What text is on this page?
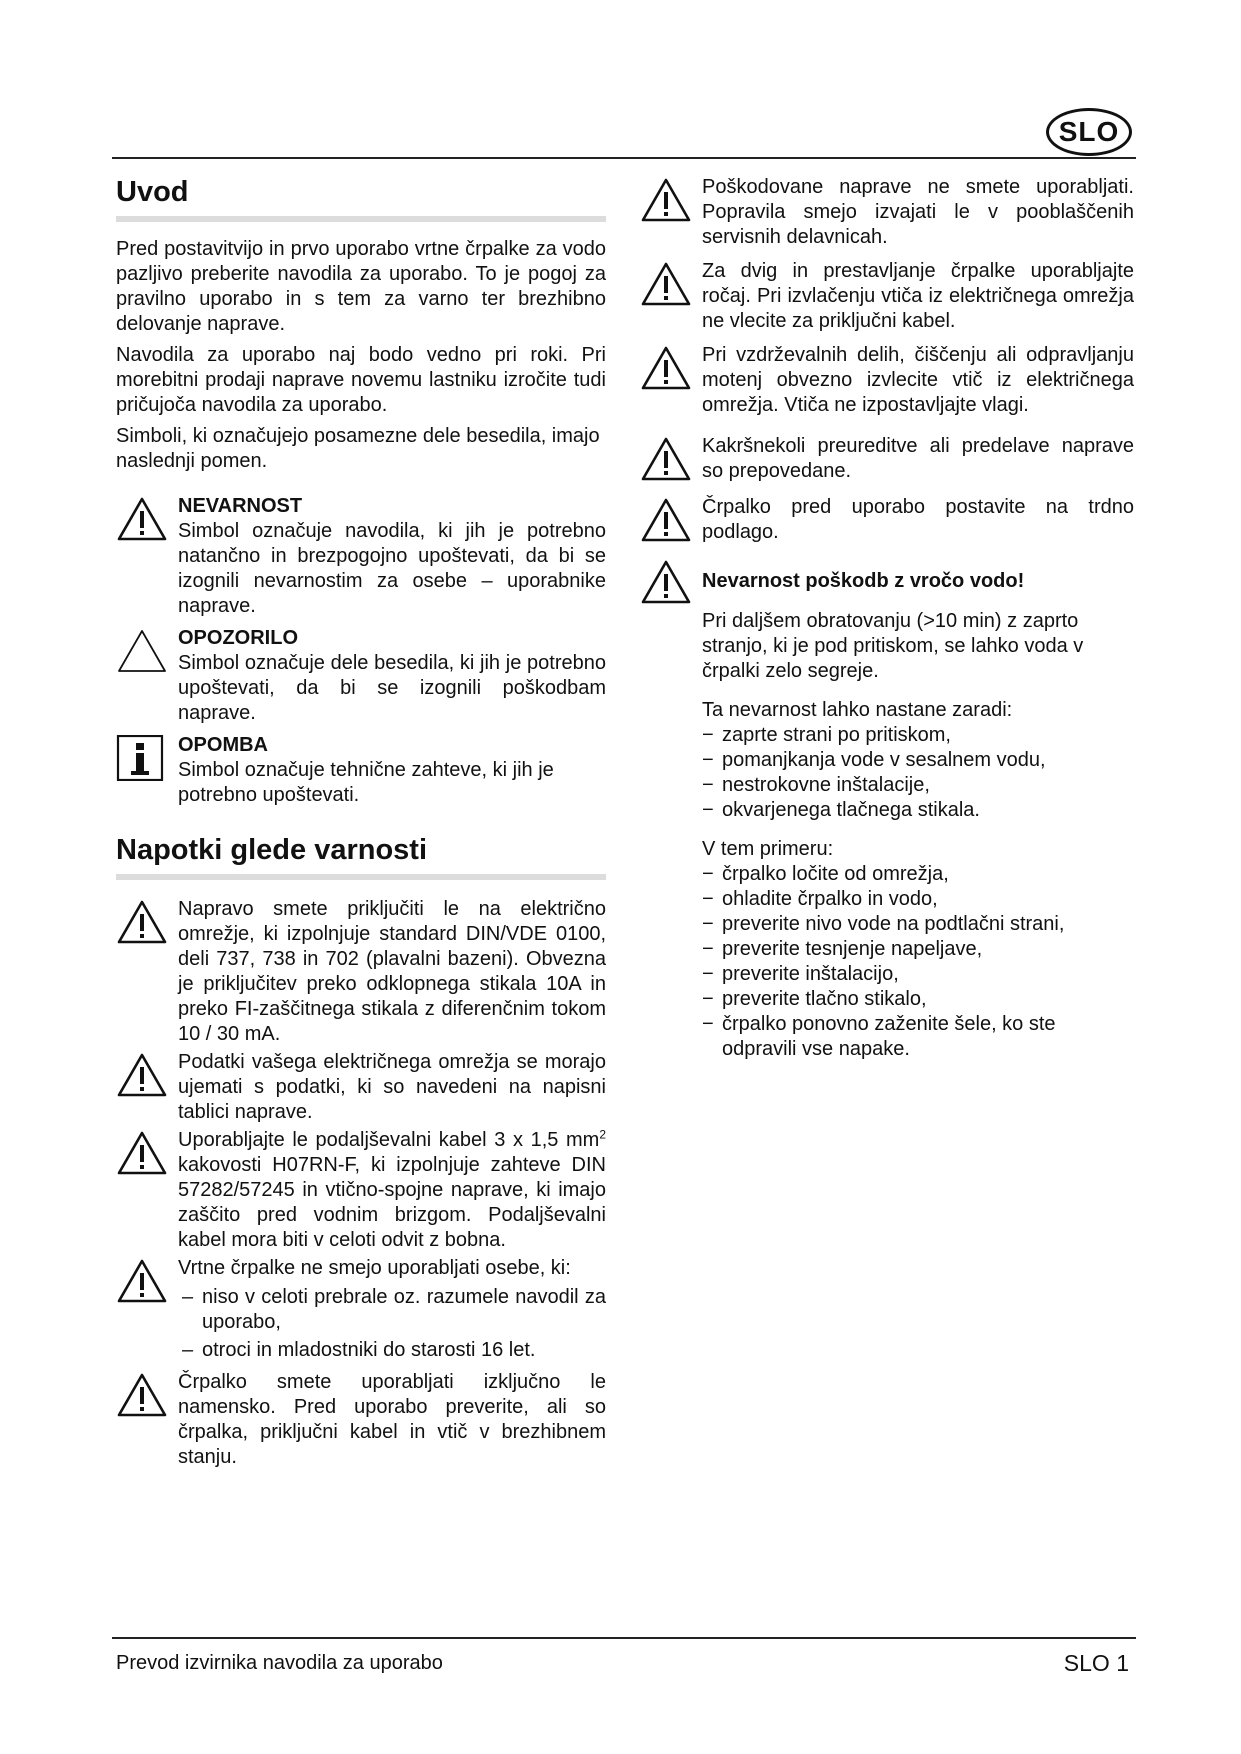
SLO
Uvod

Pred postavitvijo in prvo uporabo vrtne črpalke za vodo pazljivo preberite navodila za uporabo. To je pogoj za pravilno uporabo in s tem za varno ter brezhibno delovanje naprave.

Navodila za uporabo naj bodo vedno pri roki. Pri morebitni prodaji naprave novemu lastniku izročite tudi pričujoča navodila za uporabo.

Simboli, ki označujejo posamezne dele besedila, imajo naslednji pomen.

NEVARNOST

Simbol označuje navodila, ki jih je potrebno natančno in brezpogojno upoštevati, da bi se izognili nevarnostim za osebe – uporabnike naprave.

OPOZORILO

Simbol označuje dele besedila, ki jih je potrebno upoštevati, da bi se izognili poškodbam naprave.

OPOMBA

Simbol označuje tehnične zahteve, ki jih je potrebno upoštevati.

Napotki glede varnosti

Napravo smete priključiti le na električno omrežje, ki izpolnjuje standard DIN/VDE 0100, deli 737, 738 in 702 (plavalni bazeni). Obvezna je priključitev preko odklopnega stikala 10A in preko FI-zaščitnega stikala z diferenčnim tokom 10 / 30 mA.

Podatki vašega električnega omrežja se morajo ujemati s podatki, ki so navedeni na napisni tablici naprave.

Uporabljajte le podaljševalni kabel 3 x 1,5 $mm^2$ kakovosti H07RN-F, ki izpolnjuje zahteve DIN 57282/57245 in vtično-spojne naprave, ki imajo zaščito pred vodnim brizgom. Podaljševalni kabel mora biti v celoti odvit z bobna.

Vrtne črpalke ne smejo uporabljati osebe, ki:

– niso v celoti prebrale oz. razumele navodil za uporabo,
– otroci in mladostniki do starosti 16 let.

Črpalko smete uporabljati izključno le namensko. Pred uporabo preverite, ali so črpalka, priključni kabel in vtič v brezhibnem stanju.

Poškodovane naprave ne smete uporabljati. Popravila smejo izvajati le v pooblaščenih servisnih delavnicah.

Za dvig in prestavljanje črpalke uporabljajte ročaj. Pri izvlačenju vtiča iz električnega omrežja ne vlecite za priključni kabel.

Pri vzdrževalnih delih, čiščenju ali odpravljanju motenj obvezno izvlecite vtič iz električnega omrežja. Vtiča ne izpostavljajte vlagi.

Kakršnekoli preureditve ali predelave naprave so prepovedane.

Črpalko pred uporabo postavite na trdno podlago.

Nevarnost poškodb z vročo vodo!

Pri daljšem obratovanju (>10 min) z zaprto stranjo, ki je pod pritiskom, se lahko voda v črpalki zelo segreje.

Ta nevarnost lahko nastane zaradi:

− zaprte strani po pritiskom,
− pomanjkanja vode v sesalnem vodu,
− nestrokovne inštalacije,
− okvarjenega tlačnega stikala.

V tem primeru:

− črpalko ločite od omrežja,
− ohladite črpalko in vodo,
− preverite nivo vode na podtlačni strani,
− preverite tesnjenje napeljave,
− preverite inštalacijo,
− preverite tlačno stikalo,
− črpalko ponovno zaženite šele, ko ste odpravili vse napake.
Prevod izvirnika navodila za uporabo	SLO 1
